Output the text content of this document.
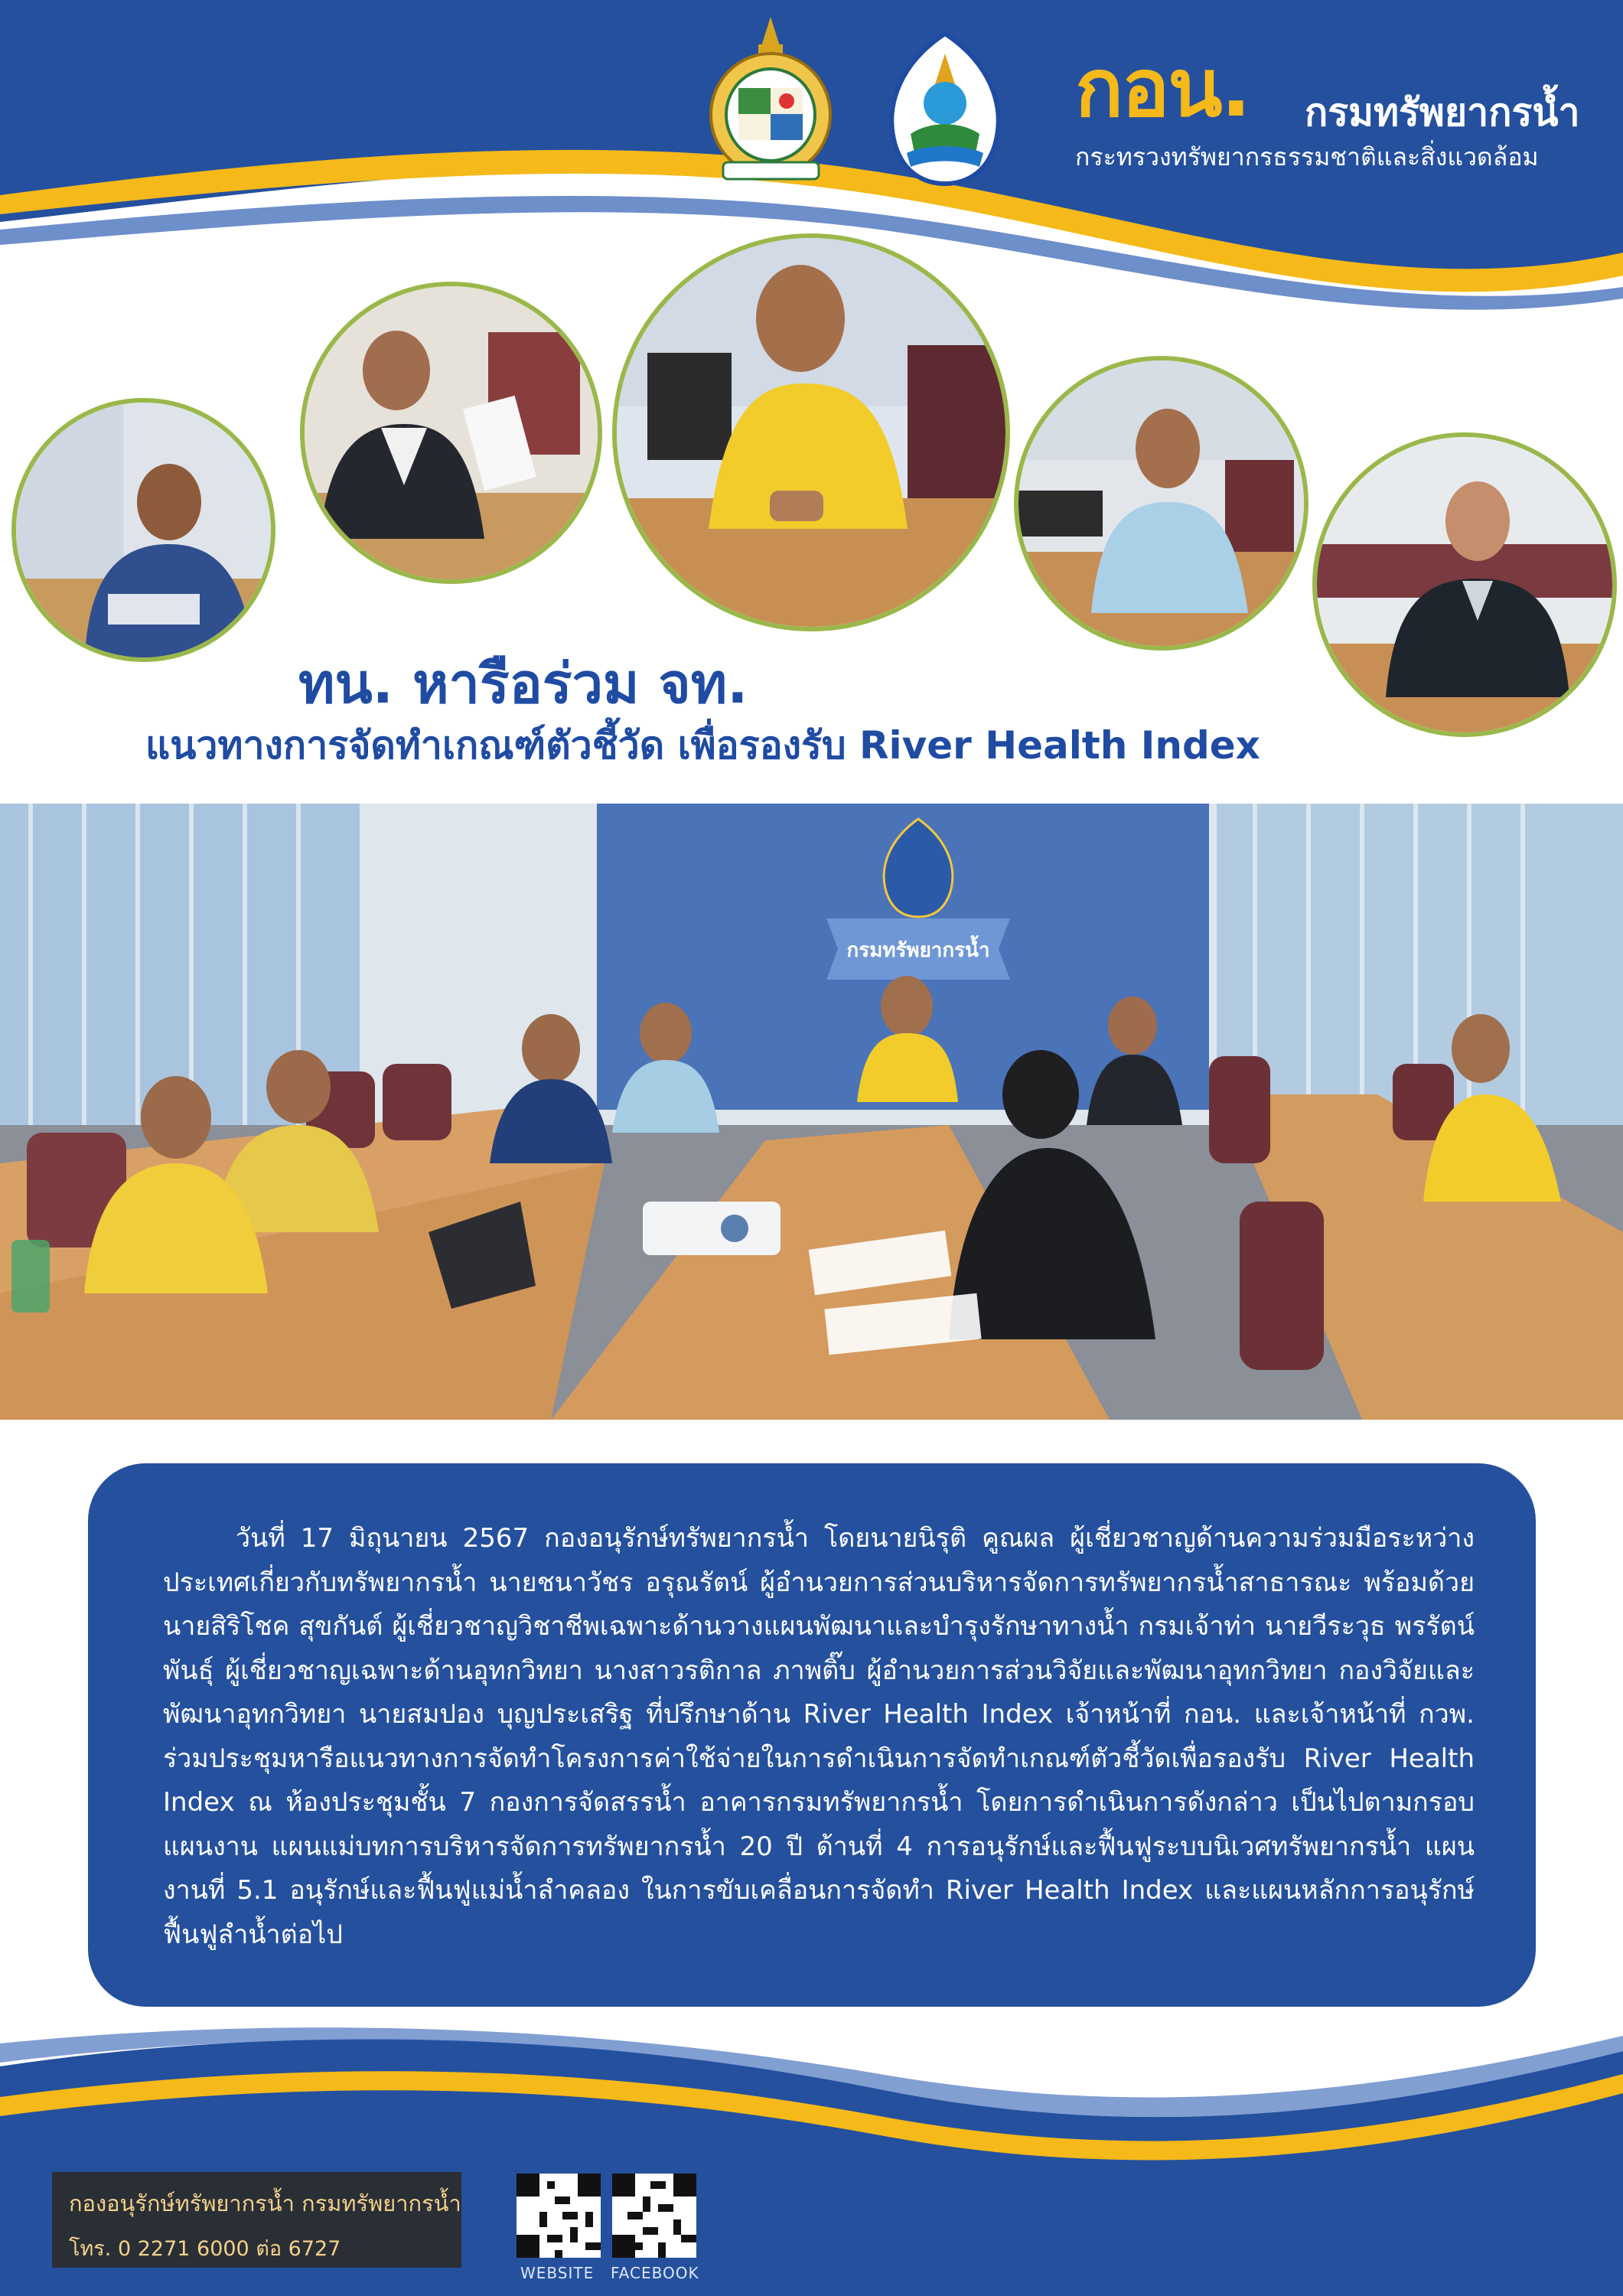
กอน. กรมทรัพยากรน้ำ
กระทรวงทรัพยากรธรรมชาติและสิ่งแวดล้อม
ทน. หารือร่วม จท.
แนวทางการจัดทำเกณฑ์ตัวชี้วัด เพื่อรองรับ River Health Index
กรมทรัพยากรน้ำ

วันที่ 17 มิถุนายน 2567 กองอนุรักษ์ทรัพยากรน้ำ โดยนายนิรุติ คูณผล ผู้เชี่ยวชาญด้านความร่วมมือระหว่างประเทศเกี่ยวกับทรัพยากรน้ำ นายชนาวัชร อรุณรัตน์ ผู้อำนวยการส่วนบริหารจัดการทรัพยากรน้ำสาธารณะ พร้อมด้วย นายสิริโชค สุขกันต์ ผู้เชี่ยวชาญวิชาชีพเฉพาะด้านวางแผนพัฒนาและบำรุงรักษาทางน้ำ กรมเจ้าท่า นายวีระวุธ พรรัตน์พันธุ์ ผู้เชี่ยวชาญเฉพาะด้านอุทกวิทยา นางสาวรติกาล ภาพติ๊บ ผู้อำนวยการส่วนวิจัยและพัฒนาอุทกวิทยา กองวิจัยและพัฒนาอุทกวิทยา นายสมปอง บุญประเสริฐ ที่ปรึกษาด้าน River Health Index เจ้าหน้าที่ กอน. และเจ้าหน้าที่ กวพ. ร่วมประชุมหารือแนวทางการจัดทำโครงการค่าใช้จ่ายในการดำเนินการจัดทำเกณฑ์ตัวชี้วัดเพื่อรองรับ River Health Index ณ ห้องประชุมชั้น 7 กองการจัดสรรน้ำ อาคารกรมทรัพยากรน้ำ โดยการดำเนินการดังกล่าว เป็นไปตามกรอบแผนงาน แผนแม่บทการบริหารจัดการทรัพยากรน้ำ 20 ปี ด้านที่ 4 การอนุรักษ์และฟื้นฟูระบบนิเวศทรัพยากรน้ำ แผนงานที่ 5.1 อนุรักษ์และฟื้นฟูแม่น้ำลำคลอง ในการขับเคลื่อนการจัดทำ River Health Index และแผนหลักการอนุรักษ์ฟื้นฟูลำน้ำต่อไป

กองอนุรักษ์ทรัพยากรน้ำ กรมทรัพยากรน้ำ
โทร. 0 2271 6000 ต่อ 6727
WEBSITE FACEBOOK
